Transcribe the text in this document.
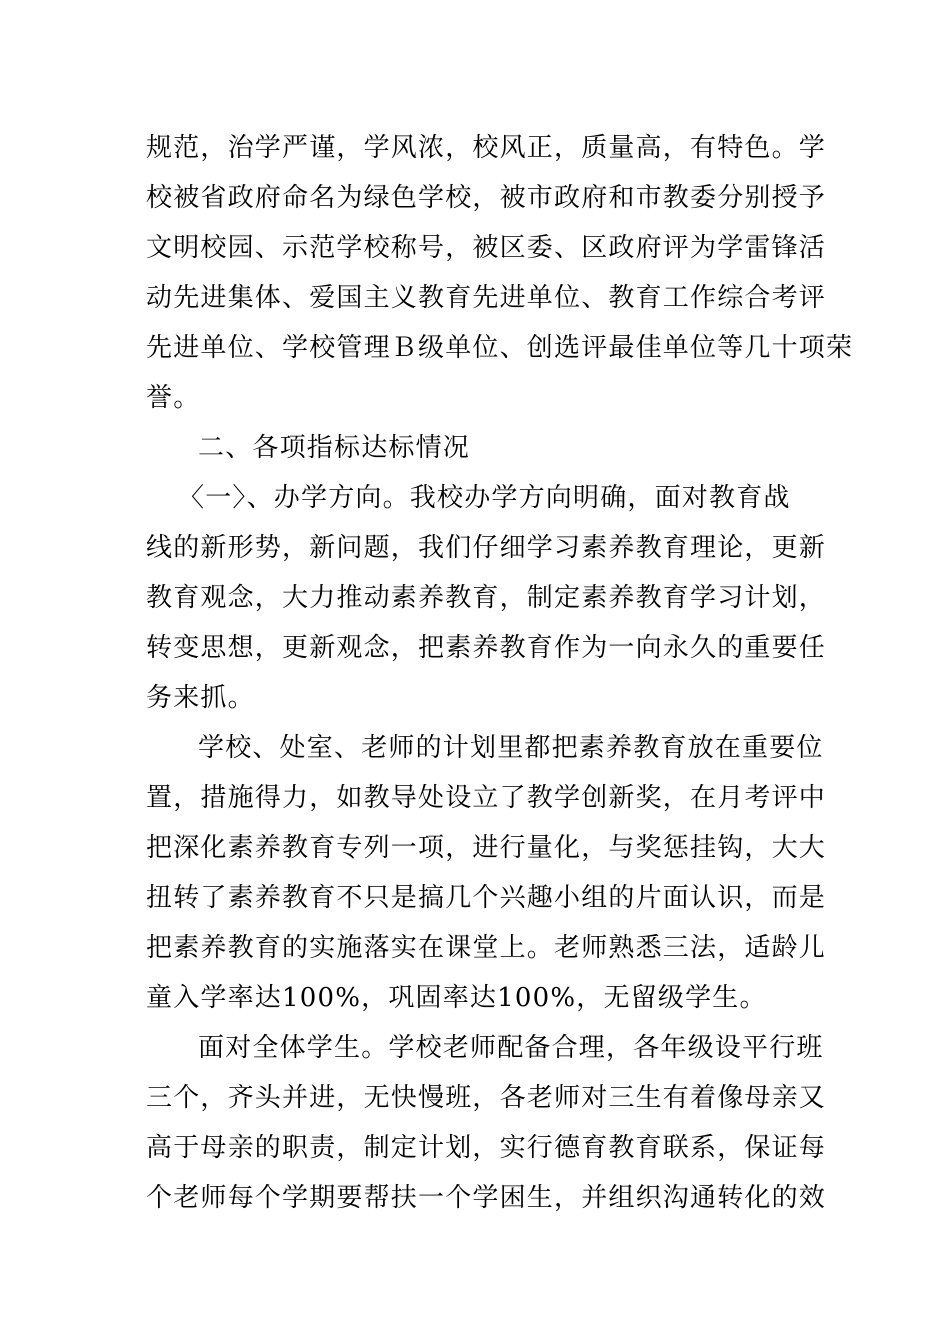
规范，治学严谨，学风浓，校风正，质量高，有特色。学
校被省政府命名为绿色学校，被市政府和市教委分别授予
文明校园、示范学校称号，被区委、区政府评为学雷锋活
动先进集体、爱国主义教育先进单位、教育工作综合考评
先进单位、学校管理Ｂ级单位、创选评最佳单位等几十项荣
誉。
二、各项指标达标情况
〈一〉、办学方向。我校办学方向明确，面对教育战
线的新形势，新问题，我们仔细学习素养教育理论，更新
教育观念，大力推动素养教育，制定素养教育学习计划，
转变思想，更新观念，把素养教育作为一向永久的重要任
务来抓。
学校、处室、老师的计划里都把素养教育放在重要位
置，措施得力，如教导处设立了教学创新奖，在月考评中
把深化素养教育专列一项，进行量化，与奖惩挂钩，大大
扭转了素养教育不只是搞几个兴趣小组的片面认识，而是
把素养教育的实施落实在课堂上。老师熟悉三法，适龄儿
童入学率达100%，巩固率达100%，无留级学生。
面对全体学生。学校老师配备合理，各年级设平行班
三个，齐头并进，无快慢班，各老师对三生有着像母亲又
高于母亲的职责，制定计划，实行德育教育联系，保证每
个老师每个学期要帮扶一个学困生，并组织沟通转化的效
